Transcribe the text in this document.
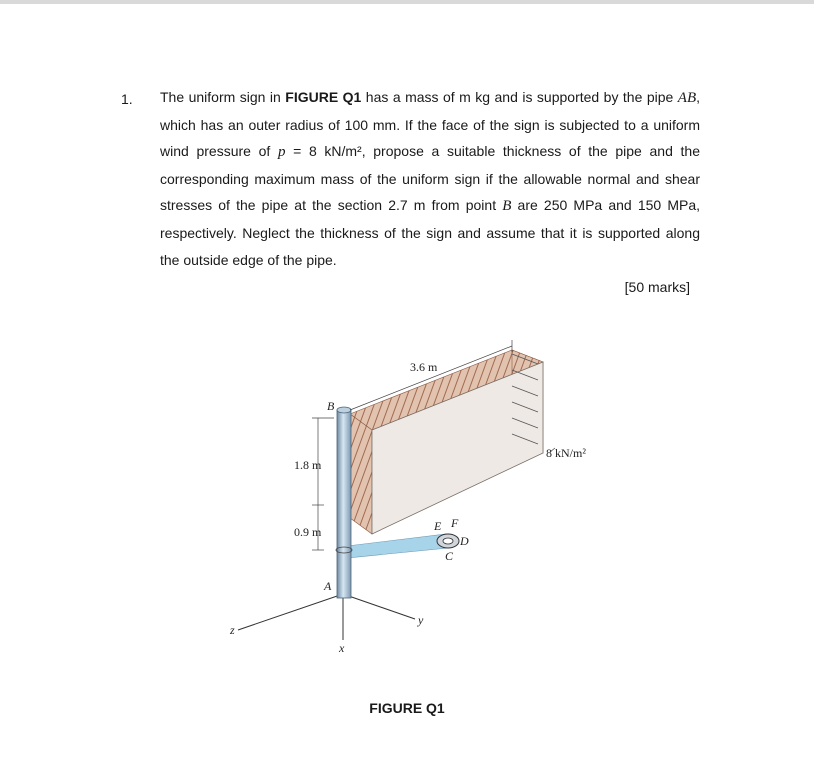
1. The uniform sign in FIGURE Q1 has a mass of m kg and is supported by the pipe AB, which has an outer radius of 100 mm. If the face of the sign is subjected to a uniform wind pressure of p = 8 kN/m², propose a suitable thickness of the pipe and the corresponding maximum mass of the uniform sign if the allowable normal and shear stresses of the pipe at the section 2.7 m from point B are 250 MPa and 150 MPa, respectively. Neglect the thickness of the sign and assume that it is supported along the outside edge of the pipe.
[50 marks]
3.6 m
8 kN/m²
1.8 m
0.9 m
B
A
E F
D
C
x
y
z
FIGURE Q1
